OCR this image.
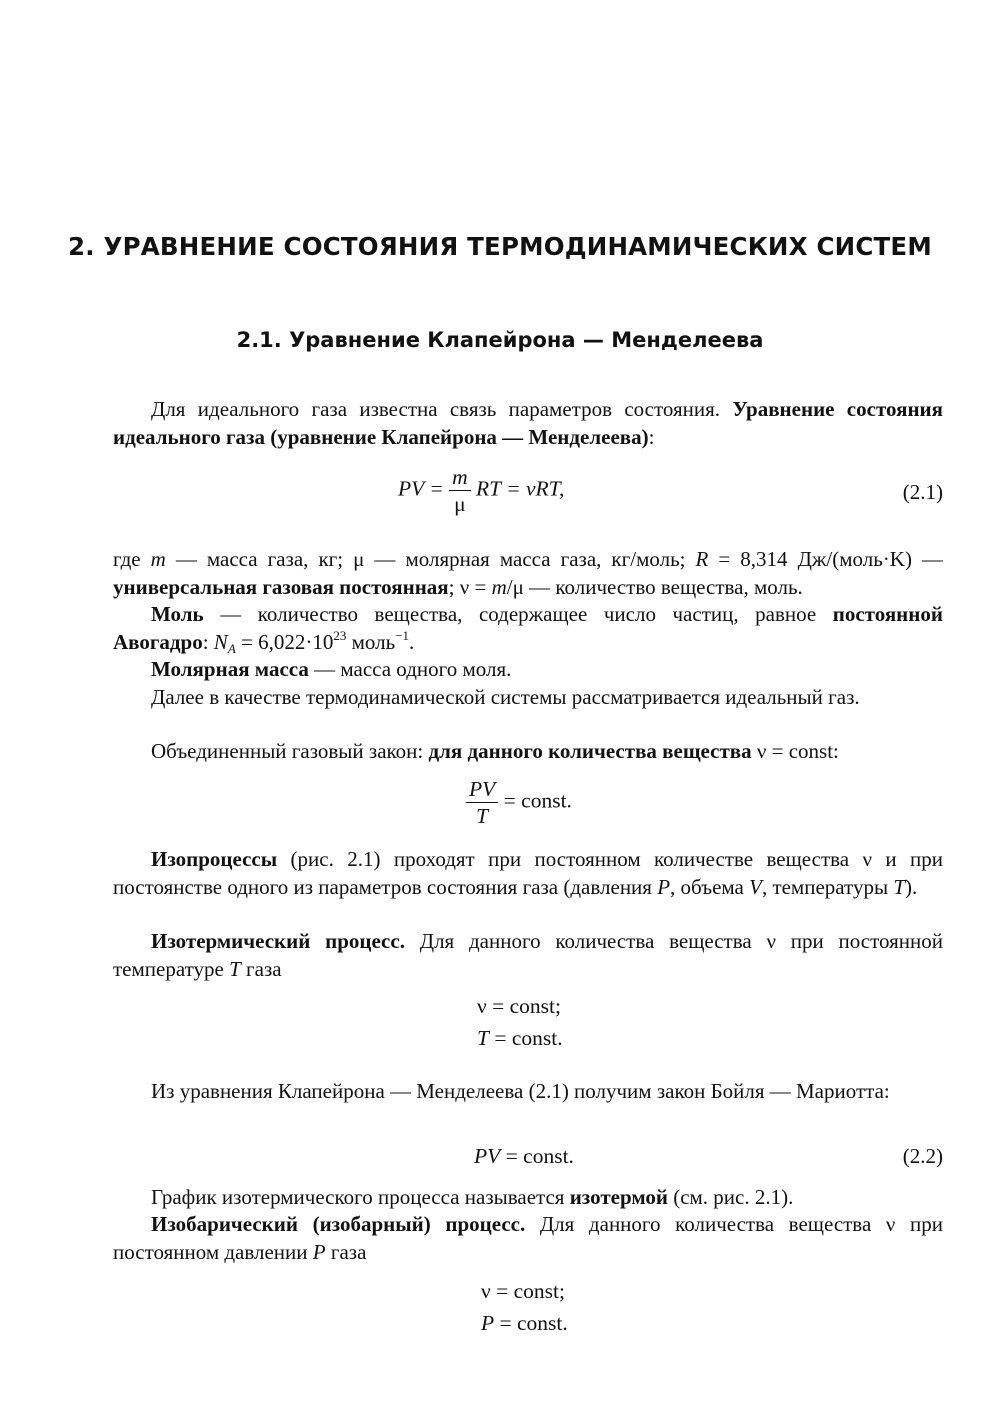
2. УРАВНЕНИЕ СОСТОЯНИЯ ТЕРМОДИНАМИЧЕСКИХ СИСТЕМ
2.1. Уравнение Клапейрона — Менделеева

Для идеального газа известна связь параметров состояния. Уравнение состояния идеального газа (уравнение Клапейрона — Менделеева):

PV = $\frac{m}{\mu}$ RT = νRT,	(2.1)

где m — масса газа, кг; μ — молярная масса газа, кг/моль; R = 8,314 Дж/(моль·K) — универсальная газовая постоянная; ν = m/μ — количество вещества, моль.

Моль — количество вещества, содержащее число частиц, равное постоянной Авогадро: $N_A = 6,022\cdot 10^{23}$ моль$^{-1}$.

Молярная масса — масса одного моля.

Далее в качестве термодинамической системы рассматривается идеальный газ.

Объединенный газовый закон: для данного количества вещества ν = const:

$\frac{PV}{T}$ = const.

Изопроцессы (рис. 2.1) проходят при постоянном количестве вещества ν и при постоянстве одного из параметров состояния газа (давления P, объема V, температуры T).

Изотермический процесс. Для данного количества вещества ν при постоянной температуре T газа

ν = const;
T = const.

Из уравнения Клапейрона — Менделеева (2.1) получим закон Бойля — Мариотта:

PV = const.	(2.2)

График изотермического процесса называется изотермой (см. рис. 2.1).

Изобарический (изобарный) процесс. Для данного количества вещества ν при постоянном давлении P газа

ν = const;
P = const.
